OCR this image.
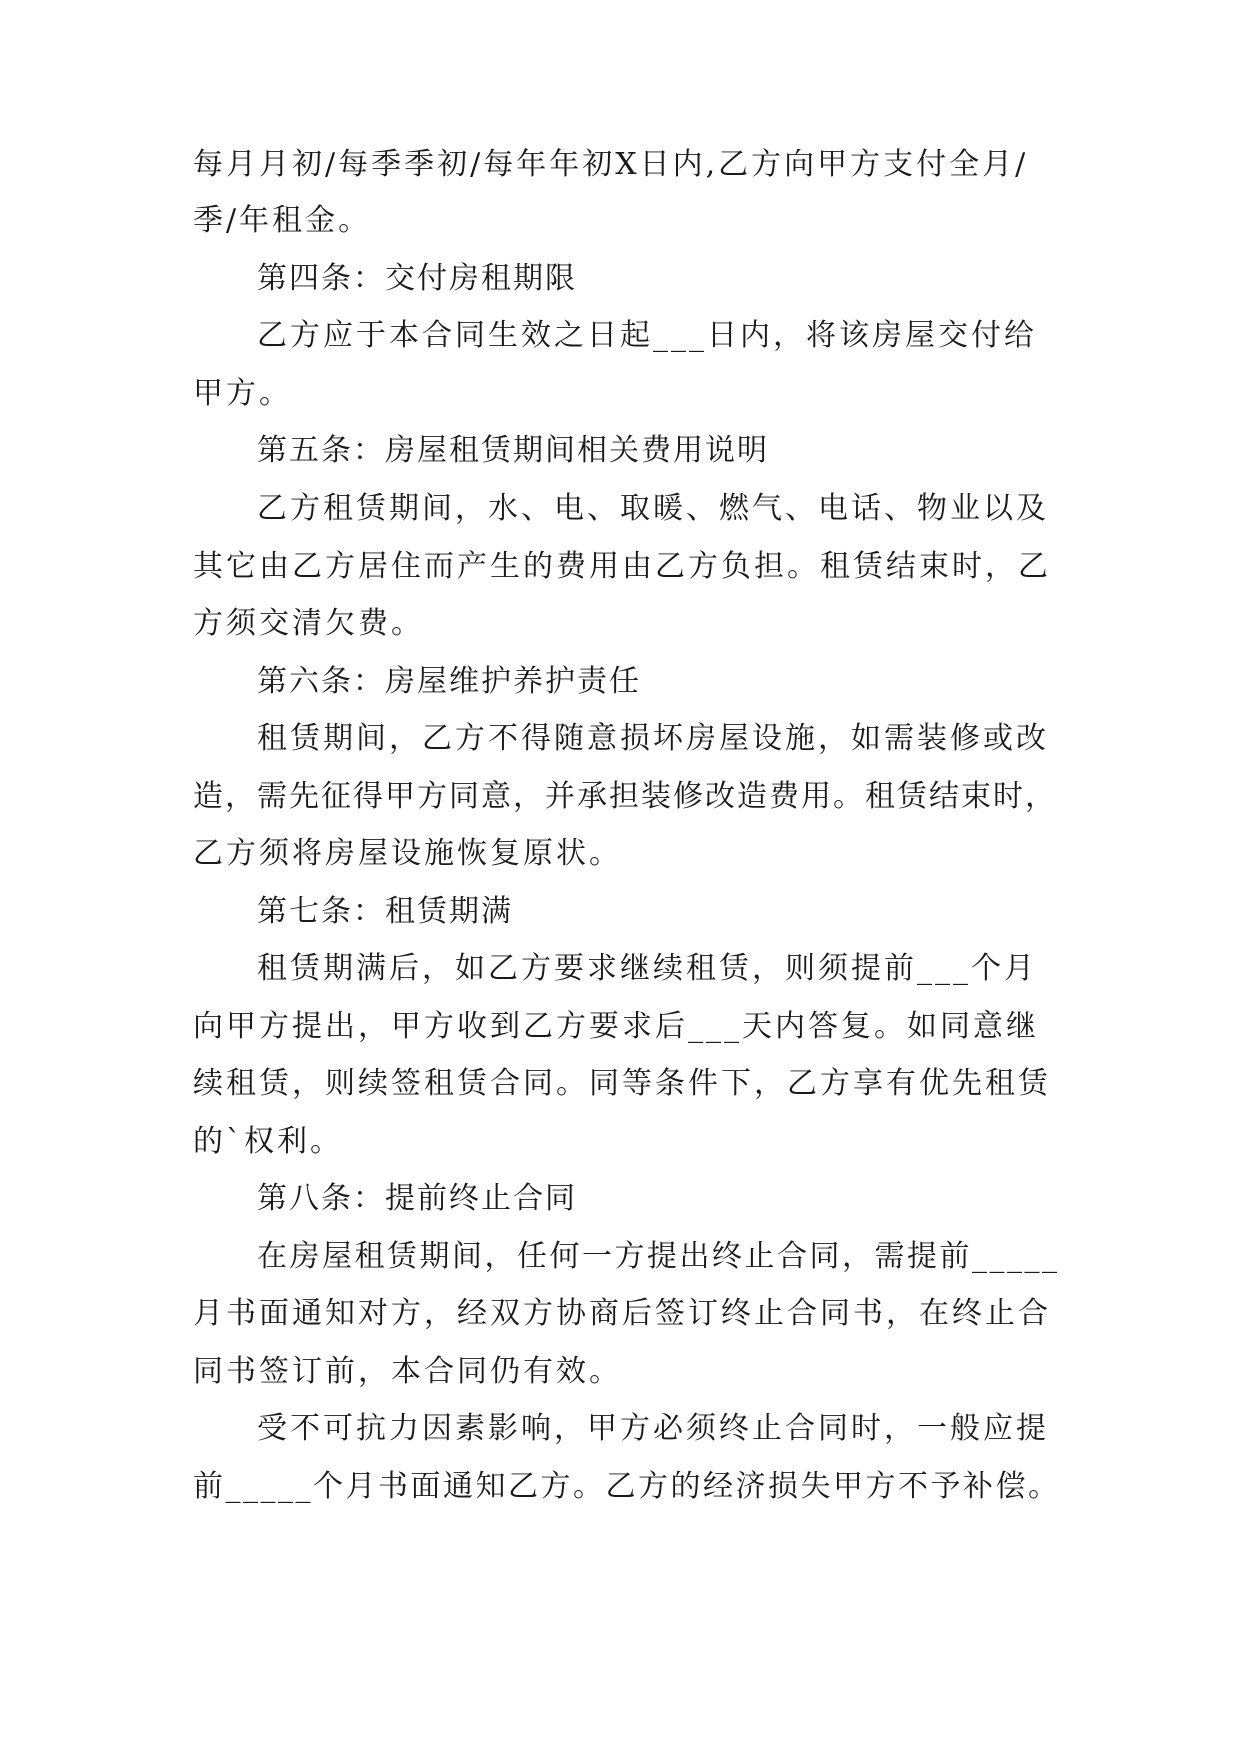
每月月初/每季季初/每年年初X日内,乙方向甲方支付全月/
季/年租金。
第四条：交付房租期限
乙方应于本合同生效之日起___日内，将该房屋交付给
甲方。
第五条：房屋租赁期间相关费用说明
乙方租赁期间，水、电、取暖、燃气、电话、物业以及
其它由乙方居住而产生的费用由乙方负担。租赁结束时，乙
方须交清欠费。
第六条：房屋维护养护责任
租赁期间，乙方不得随意损坏房屋设施，如需装修或改
造，需先征得甲方同意，并承担装修改造费用。租赁结束时，
乙方须将房屋设施恢复原状。
第七条：租赁期满
租赁期满后，如乙方要求继续租赁，则须提前___个月
向甲方提出，甲方收到乙方要求后___天内答复。如同意继
续租赁，则续签租赁合同。同等条件下，乙方享有优先租赁
的`权利。
第八条：提前终止合同
在房屋租赁期间，任何一方提出终止合同，需提前_____
月书面通知对方，经双方协商后签订终止合同书，在终止合
同书签订前，本合同仍有效。
受不可抗力因素影响，甲方必须终止合同时，一般应提
前_____个月书面通知乙方。乙方的经济损失甲方不予补偿。
